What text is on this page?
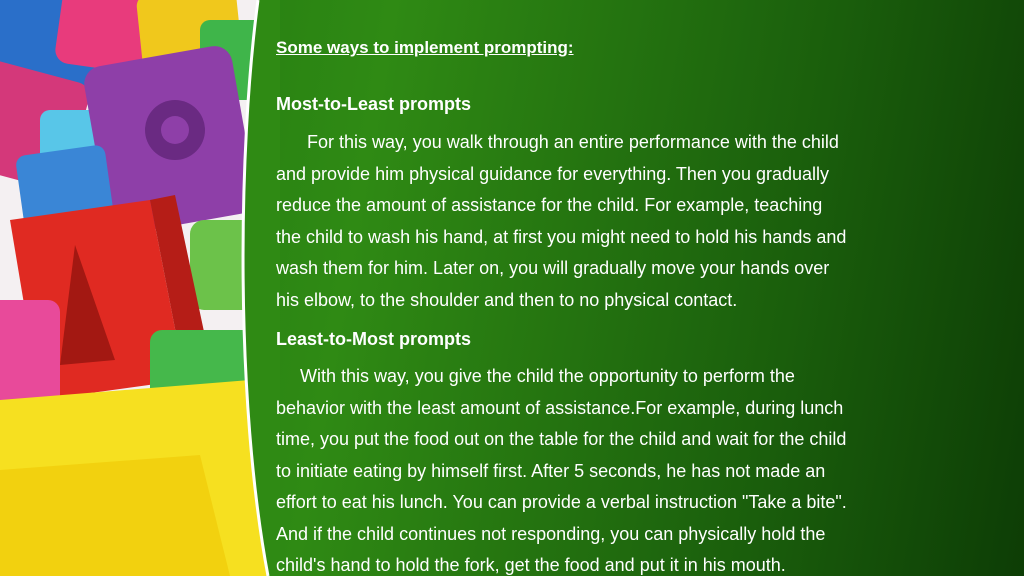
Some ways to implement prompting:
Most-to-Least prompts
For this way, you walk through an entire performance with the child
and provide him physical guidance for everything. Then you gradually
reduce the amount of assistance for the child. For example, teaching
the child to wash his hand, at first you might need to hold his hands and
wash them for him. Later on, you will gradually move your hands over
his elbow, to the shoulder and then to no physical contact.
Least-to-Most prompts
With this way, you give the child the opportunity to perform the
behavior with the least amount of assistance.For example, during lunch
time, you put the food out on the table for the child and wait for the child
to initiate eating by himself first. After 5 seconds, he has not made an
effort to eat his lunch. You can provide a verbal instruction "Take a bite".
And if the child continues not responding, you can physically hold the
child's hand to hold the fork, get the food and put it in his mouth.
